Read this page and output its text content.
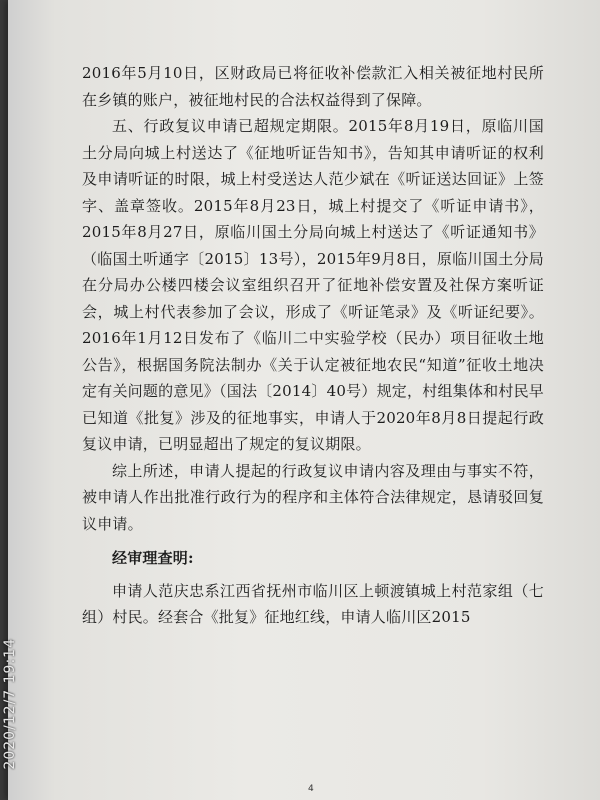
2016年5月10日，区财政局已将征收补偿款汇入相关被征地村民所在乡镇的账户，被征地村民的合法权益得到了保障。

五、行政复议申请已超规定期限。2015年8月19日，原临川国土分局向城上村送达了《征地听证告知书》，告知其申请听证的权利及申请听证的时限，城上村受送达人范少斌在《听证送达回证》上签字、盖章签收。2015年8月23日，城上村提交了《听证申请书》，2015年8月27日，原临川国土分局向城上村送达了《听证通知书》（临国土听通字〔2015〕13号），2015年9月8日，原临川国土分局在分局办公楼四楼会议室组织召开了征地补偿安置及社保方案听证会，城上村代表参加了会议，形成了《听证笔录》及《听证纪要》。2016年1月12日发布了《临川二中实验学校（民办）项目征收土地公告》，根据国务院法制办《关于认定被征地农民“知道”征收土地决定有关问题的意见》（国法〔2014〕40号）规定，村组集体和村民早已知道《批复》涉及的征地事实，申请人于2020年8月8日提起行政复议申请，已明显超出了规定的复议期限。

综上所述，申请人提起的行政复议申请内容及理由与事实不符，被申请人作出批准行政行为的程序和主体符合法律规定，恳请驳回复议申请。

经审理查明:

申请人范庆忠系江西省抚州市临川区上顿渡镇城上村范家组（七组）村民。经套合《批复》征地红线，申请人临川区2015

4
2020/12/7 19:14
